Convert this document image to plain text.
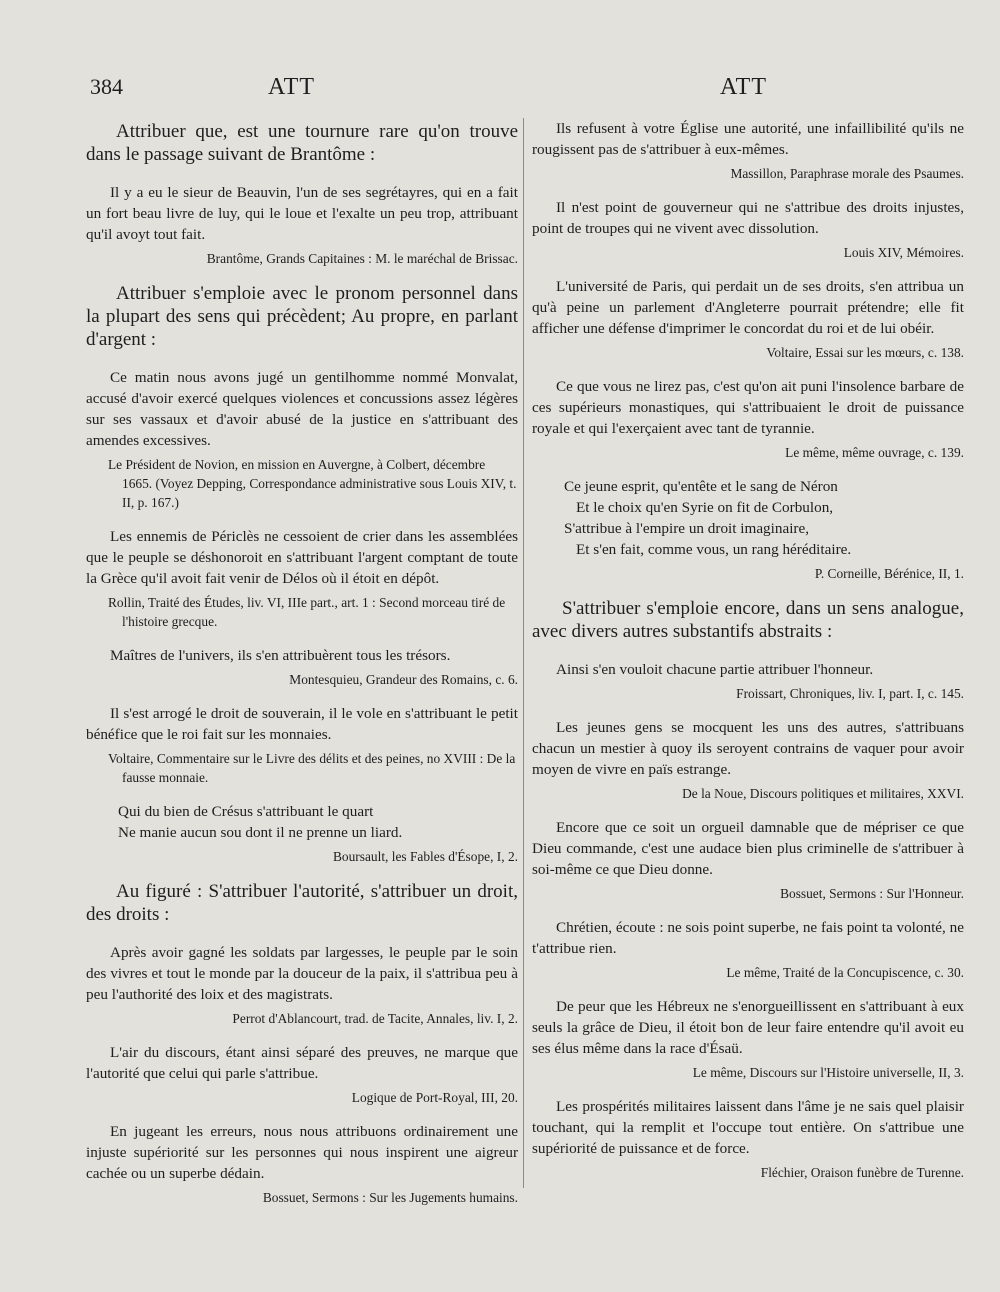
384	ATT	ATT

Attribuer que, est une tournure rare qu'on trouve dans le passage suivant de Brantôme :

Il y a eu le sieur de Beauvin, l'un de ses segrétayres, qui en a fait un fort beau livre de luy, qui le loue et l'exalte un peu trop, attribuant qu'il avoyt tout fait.

Brantôme, Grands Capitaines : M. le maréchal de Brissac.

Attribuer s'emploie avec le pronom personnel dans la plupart des sens qui précèdent; Au propre, en parlant d'argent :

Ce matin nous avons jugé un gentilhomme nommé Monvalat, accusé d'avoir exercé quelques violences et concussions assez légères sur ses vassaux et d'avoir abusé de la justice en s'attribuant des amendes excessives.

Le Président de Novion, en mission en Auvergne, à Colbert, décembre 1665. (Voyez Depping, Correspondance administrative sous Louis XIV, t. II, p. 167.)

Les ennemis de Périclès ne cessoient de crier dans les assemblées que le peuple se déshonoroit en s'attribuant l'argent comptant de toute la Grèce qu'il avoit fait venir de Délos où il étoit en dépôt.

Rollin, Traité des Études, liv. VI, IIIe part., art. 1 : Second morceau tiré de l'histoire grecque.

Maîtres de l'univers, ils s'en attribuèrent tous les trésors.

Montesquieu, Grandeur des Romains, c. 6.

Il s'est arrogé le droit de souverain, il le vole en s'attribuant le petit bénéfice que le roi fait sur les monnaies.

Voltaire, Commentaire sur le Livre des délits et des peines, no XVIII : De la fausse monnaie.

Qui du bien de Crésus s'attribuant le quart
Ne manie aucun sou dont il ne prenne un liard.

Boursault, les Fables d'Ésope, I, 2.

Au figuré : S'attribuer l'autorité, s'attribuer un droit, des droits :

Après avoir gagné les soldats par largesses, le peuple par le soin des vivres et tout le monde par la douceur de la paix, il s'attribua peu à peu l'authorité des loix et des magistrats.

Perrot d'Ablancourt, trad. de Tacite, Annales, liv. I, 2.

L'air du discours, étant ainsi séparé des preuves, ne marque que l'autorité que celui qui parle s'attribue.

Logique de Port-Royal, III, 20.

En jugeant les erreurs, nous nous attribuons ordinairement une injuste supériorité sur les personnes qui nous inspirent une aigreur cachée ou un superbe dédain.

Bossuet, Sermons : Sur les Jugements humains.

Ils refusent à votre Église une autorité, une infaillibilité qu'ils ne rougissent pas de s'attribuer à eux-mêmes.

Massillon, Paraphrase morale des Psaumes.

Il n'est point de gouverneur qui ne s'attribue des droits injustes, point de troupes qui ne vivent avec dissolution.

Louis XIV, Mémoires.

L'université de Paris, qui perdait un de ses droits, s'en attribua un qu'à peine un parlement d'Angleterre pourrait prétendre; elle fit afficher une défense d'imprimer le concordat du roi et de lui obéir.

Voltaire, Essai sur les mœurs, c. 138.

Ce que vous ne lirez pas, c'est qu'on ait puni l'insolence barbare de ces supérieurs monastiques, qui s'attribuaient le droit de puissance royale et qui l'exerçaient avec tant de tyrannie.

Le même, même ouvrage, c. 139.

Ce jeune esprit, qu'entête et le sang de Néron
Et le choix qu'en Syrie on fit de Corbulon,
S'attribue à l'empire un droit imaginaire,
Et s'en fait, comme vous, un rang héréditaire.

P. Corneille, Bérénice, II, 1.

S'attribuer s'emploie encore, dans un sens analogue, avec divers autres substantifs abstraits :

Ainsi s'en vouloit chacune partie attribuer l'honneur.

Froissart, Chroniques, liv. I, part. I, c. 145.

Les jeunes gens se mocquent les uns des autres, s'attribuans chacun un mestier à quoy ils seroyent contrains de vaquer pour avoir moyen de vivre en païs estrange.

De la Noue, Discours politiques et militaires, XXVI.

Encore que ce soit un orgueil damnable que de mépriser ce que Dieu commande, c'est une audace bien plus criminelle de s'attribuer à soi-même ce que Dieu donne.

Bossuet, Sermons : Sur l'Honneur.

Chrétien, écoute : ne sois point superbe, ne fais point ta volonté, ne t'attribue rien.

Le même, Traité de la Concupiscence, c. 30.

De peur que les Hébreux ne s'enorgueillissent en s'attribuant à eux seuls la grâce de Dieu, il étoit bon de leur faire entendre qu'il avoit eu ses élus même dans la race d'Ésaü.

Le même, Discours sur l'Histoire universelle, II, 3.

Les prospérités militaires laissent dans l'âme je ne sais quel plaisir touchant, qui la remplit et l'occupe tout entière. On s'attribue une supériorité de puissance et de force.

Fléchier, Oraison funèbre de Turenne.
